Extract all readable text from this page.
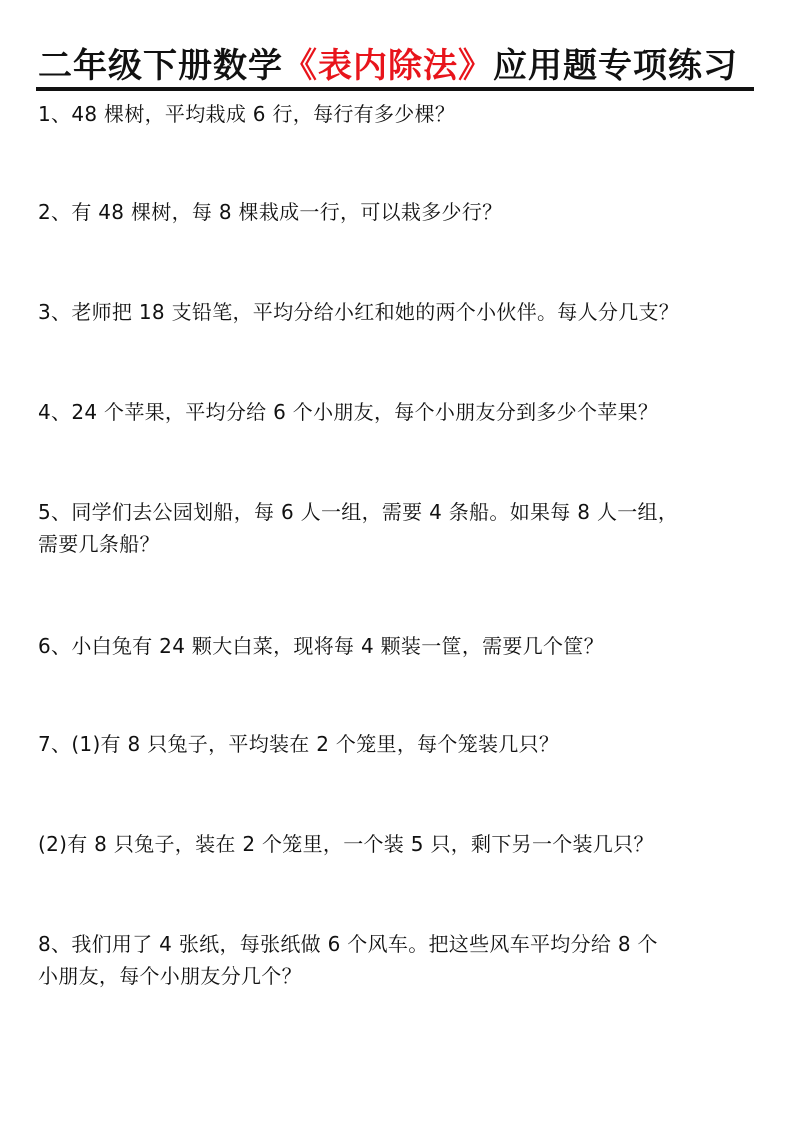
二年级下册数学《表内除法》应用题专项练习
1、48 棵树，平均栽成 6 行，每行有多少棵？
2、有 48 棵树，每 8 棵栽成一行，可以栽多少行？
3、老师把 18 支铅笔，平均分给小红和她的两个小伙伴。每人分几支？
4、24 个苹果，平均分给 6 个小朋友，每个小朋友分到多少个苹果？
5、同学们去公园划船，每 6 人一组，需要 4 条船。如果每 8 人一组，
需要几条船？
6、小白兔有 24 颗大白菜，现将每 4 颗装一筐，需要几个筐？
7、(1)有 8 只兔子，平均装在 2 个笼里，每个笼装几只？
(2)有 8 只兔子，装在 2 个笼里，一个装 5 只，剩下另一个装几只？
8、我们用了 4 张纸，每张纸做 6 个风车。把这些风车平均分给 8 个
小朋友，每个小朋友分几个？
